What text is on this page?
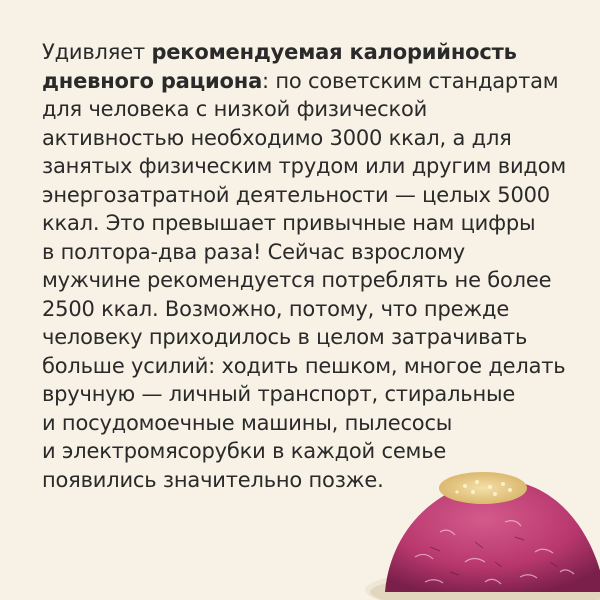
Удивляет рекомендуемая калорийность
дневного рациона: по советским стандартам
для человека с низкой физической
активностью необходимо 3000 ккал, а для
занятых физическим трудом или другим видом
энергозатратной деятельности — целых 5000
ккал. Это превышает привычные нам цифры
в полтора-два раза! Сейчас взрослому
мужчине рекомендуется потреблять не более
2500 ккал. Возможно, потому, что прежде
человеку приходилось в целом затрачивать
больше усилий: ходить пешком, многое делать
вручную — личный транспорт, стиральные
и посудомоечные машины, пылесосы
и электромясорубки в каждой семье
появились значительно позже.
